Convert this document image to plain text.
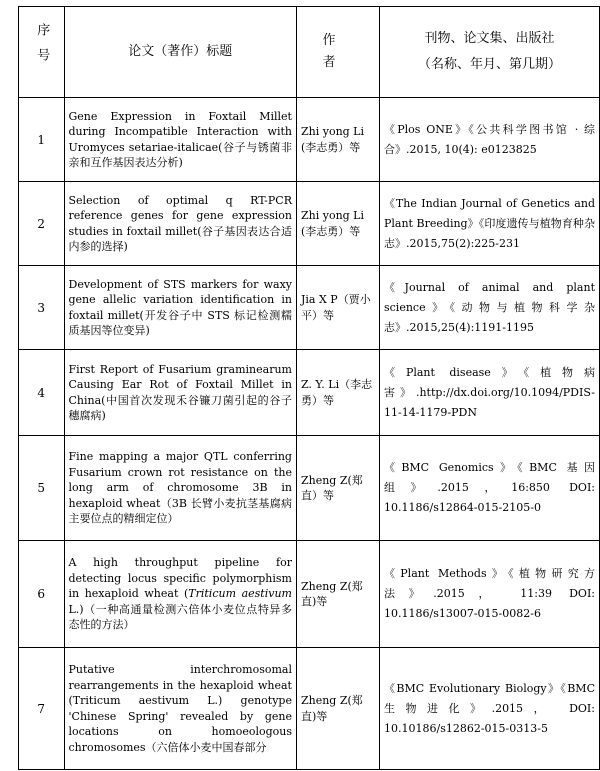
序号	论文（著作）标题	作 者	刊物、论文集、出版社
（名称、年月、第几期）

1	Gene Expression in Foxtail Millet during Incompatible Interaction with Uromyces setariae-italicae(谷子与锈菌非亲和互作基因表达分析)	Zhi yong Li (李志勇）等	《Plos ONE》《公共科学图书馆 · 综合》.2015, 10(4): e0123825
2	Selection of optimal q RT-PCR reference genes for gene expression studies in foxtail millet(谷子基因表达合适内参的选择)	Zhi yong Li (李志勇）等	《The Indian Journal of Genetics and Plant Breeding》《印度遗传与植物育种杂志》.2015,75(2):225-231
3	Development of STS markers for waxy gene allelic variation identification in foxtail millet(开发谷子中 STS 标记检测糯质基因等位变异)	Jia X P（贾小平）等	《Journal of animal and plant science》《动物与植物科学杂志》.2015,25(4):1191-1195
4	First Report of Fusarium graminearum Causing Ear Rot of Foxtail Millet in China(中国首次发现禾谷镰刀菌引起的谷子穗腐病)	Z. Y. Li（李志勇）等	《Plant disease》《植物病害》.http://dx.doi.org/10.1094/PDIS-11-14-1179-PDN
5	Fine mapping a major QTL conferring Fusarium crown rot resistance on the long arm of chromosome 3B in hexaploid wheat（3B 长臂小麦抗茎基腐病主要位点的精细定位）	Zheng Z(郑直）等	《BMC Genomics》《BMC 基因组》.2015，16:850 DOI: 10.1186/s12864-015-2105-0
6	A high throughput pipeline for detecting locus specific polymorphism in hexaploid wheat (Triticum aestivum L.)（一种高通量检测六倍体小麦位点特异多态性的方法）	Zheng Z(郑直)等	《Plant Methods》《植物研究方法》.2015， 11:39 DOI: 10.1186/s13007-015-0082-6
7	Putative interchromosomal rearrangements in the hexaploid wheat (Triticum aestivum L.) genotype 'Chinese Spring' revealed by gene locations on homoeologous chromosomes（六倍体小麦中国春部分	Zheng Z(郑直)等	《BMC Evolutionary Biology》《BMC 生物进化》.2015， DOI: 10.10186/s12862-015-0313-5
